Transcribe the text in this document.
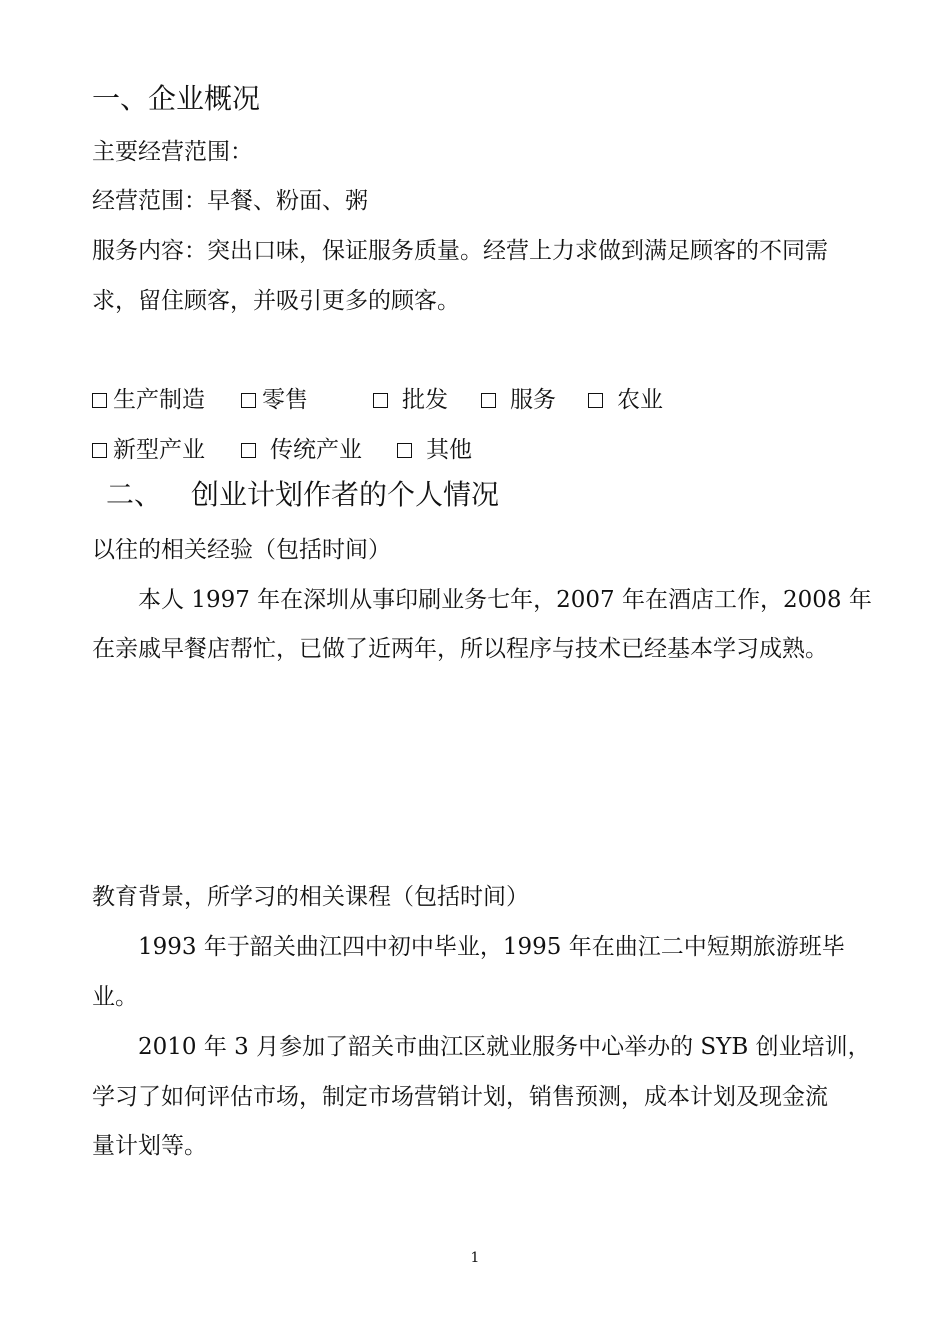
一、企业概况
主要经营范围：
经营范围：早餐、粉面、粥
服务内容：突出口味，保证服务质量。经营上力求做到满足顾客的不同需
求，留住顾客，并吸引更多的顾客。
生产制造	零售	批发	服务	农业
新型产业	传统产业	其他
二、 创业计划作者的个人情况
以往的相关经验（包括时间）
本人 1997 年在深圳从事印刷业务七年，2007 年在酒店工作，2008 年
在亲戚早餐店帮忙，已做了近两年，所以程序与技术已经基本学习成熟。
教育背景，所学习的相关课程（包括时间）
1993 年于韶关曲江四中初中毕业，1995 年在曲江二中短期旅游班毕
业。
2010 年 3 月参加了韶关市曲江区就业服务中心举办的 SYB 创业培训，
学习了如何评估市场，制定市场营销计划，销售预测，成本计划及现金流
量计划等。
1
